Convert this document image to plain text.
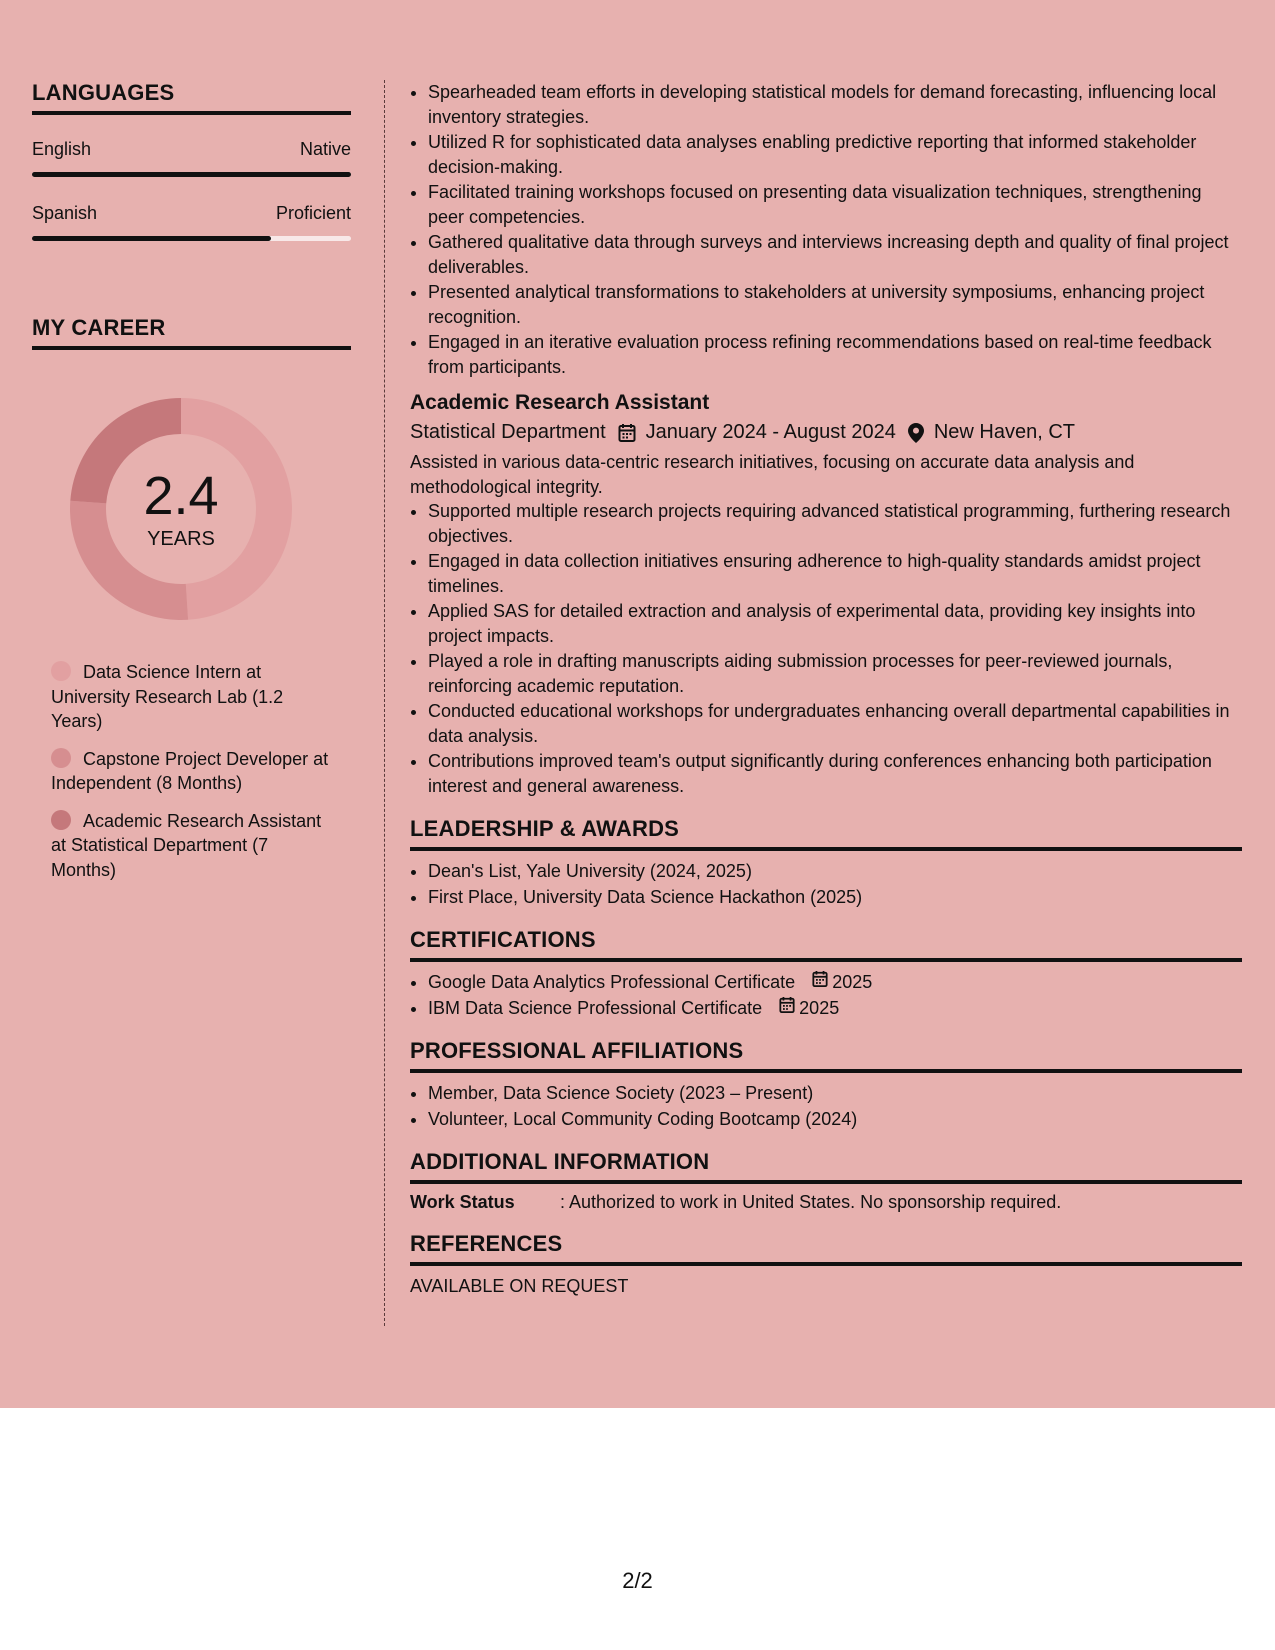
LANGUAGES
English	Native
Spanish	Proficient
MY CAREER
2.4
YEARS
Data Science Intern at University Research Lab (1.2 Years)
Capstone Project Developer at Independent (8 Months)
Academic Research Assistant at Statistical Department (7 Months)
• Spearheaded team efforts in developing statistical models for demand forecasting, influencing local inventory strategies.
• Utilized R for sophisticated data analyses enabling predictive reporting that informed stakeholder decision-making.
• Facilitated training workshops focused on presenting data visualization techniques, strengthening peer competencies.
• Gathered qualitative data through surveys and interviews increasing depth and quality of final project deliverables.
• Presented analytical transformations to stakeholders at university symposiums, enhancing project recognition.
• Engaged in an iterative evaluation process refining recommendations based on real-time feedback from participants.
Academic Research Assistant
Statistical Department January 2024 - August 2024 New Haven, CT
Assisted in various data-centric research initiatives, focusing on accurate data analysis and methodological integrity.
• Supported multiple research projects requiring advanced statistical programming, furthering research objectives.
• Engaged in data collection initiatives ensuring adherence to high-quality standards amidst project timelines.
• Applied SAS for detailed extraction and analysis of experimental data, providing key insights into project impacts.
• Played a role in drafting manuscripts aiding submission processes for peer-reviewed journals, reinforcing academic reputation.
• Conducted educational workshops for undergraduates enhancing overall departmental capabilities in data analysis.
• Contributions improved team's output significantly during conferences enhancing both participation interest and general awareness.
LEADERSHIP & AWARDS
• Dean's List, Yale University (2024, 2025)
• First Place, University Data Science Hackathon (2025)
CERTIFICATIONS
• Google Data Analytics Professional Certificate 2025
• IBM Data Science Professional Certificate 2025
PROFESSIONAL AFFILIATIONS
• Member, Data Science Society (2023 – Present)
• Volunteer, Local Community Coding Bootcamp (2024)
ADDITIONAL INFORMATION
Work Status	: Authorized to work in United States. No sponsorship required.
REFERENCES
AVAILABLE ON REQUEST
2/2
